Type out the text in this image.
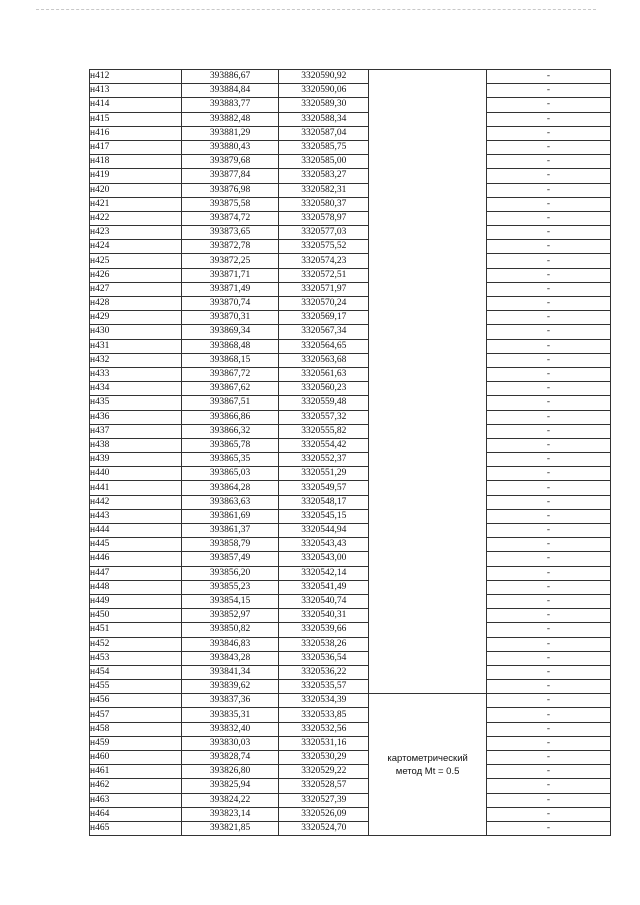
н412	393886,67	3320590,92		-
н413	393884,84	3320590,06		-
н414	393883,77	3320589,30		-
н415	393882,48	3320588,34		-
н416	393881,29	3320587,04		-
н417	393880,43	3320585,75		-
н418	393879,68	3320585,00		-
н419	393877,84	3320583,27		-
н420	393876,98	3320582,31		-
н421	393875,58	3320580,37		-
н422	393874,72	3320578,97		-
н423	393873,65	3320577,03		-
н424	393872,78	3320575,52		-
н425	393872,25	3320574,23		-
н426	393871,71	3320572,51		-
н427	393871,49	3320571,97		-
н428	393870,74	3320570,24		-
н429	393870,31	3320569,17		-
н430	393869,34	3320567,34		-
н431	393868,48	3320564,65		-
н432	393868,15	3320563,68		-
н433	393867,72	3320561,63		-
н434	393867,62	3320560,23		-
н435	393867,51	3320559,48		-
н436	393866,86	3320557,32		-
н437	393866,32	3320555,82		-
н438	393865,78	3320554,42		-
н439	393865,35	3320552,37		-
н440	393865,03	3320551,29		-
н441	393864,28	3320549,57		-
н442	393863,63	3320548,17		-
н443	393861,69	3320545,15		-
н444	393861,37	3320544,94		-
н445	393858,79	3320543,43		-
н446	393857,49	3320543,00		-
н447	393856,20	3320542,14		-
н448	393855,23	3320541,49		-
н449	393854,15	3320540,74		-
н450	393852,97	3320540,31		-
н451	393850,82	3320539,66		-
н452	393846,83	3320538,26		-
н453	393843,28	3320536,54		-
н454	393841,34	3320536,22		-
н455	393839,62	3320535,57		-
н456	393837,36	3320534,39	картометрический
метод Mt = 0.5	-
н457	393835,31	3320533,85		-
н458	393832,40	3320532,56		-
н459	393830,03	3320531,16		-
н460	393828,74	3320530,29		-
н461	393826,80	3320529,22		-
н462	393825,94	3320528,57		-
н463	393824,22	3320527,39		-
н464	393823,14	3320526,09		-
н465	393821,85	3320524,70		-
